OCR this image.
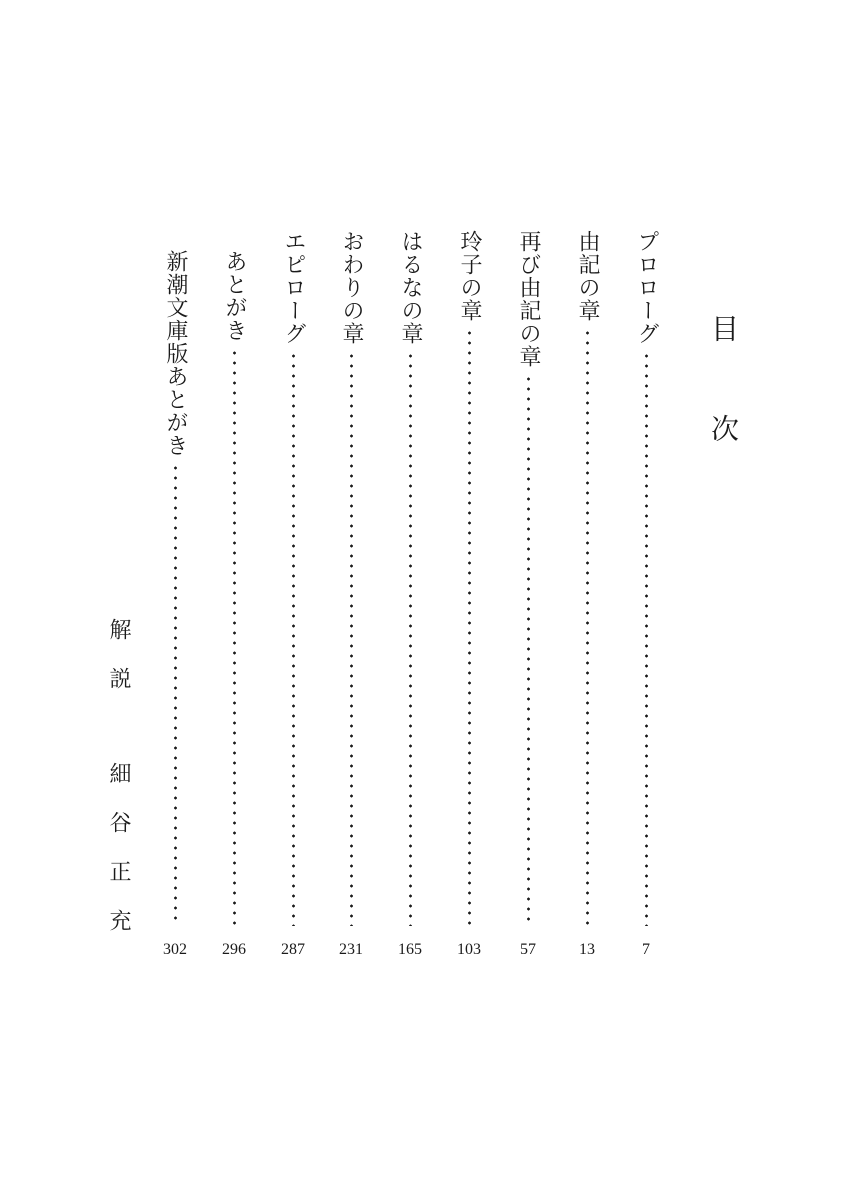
目次
プロローグ
7
由記の章
13
再び由記の章
57
玲子の章
103
はるなの章
165
おわりの章
231
エピローグ
287
あとがき
296
新潮文庫版あとがき
302
解説細谷正充
